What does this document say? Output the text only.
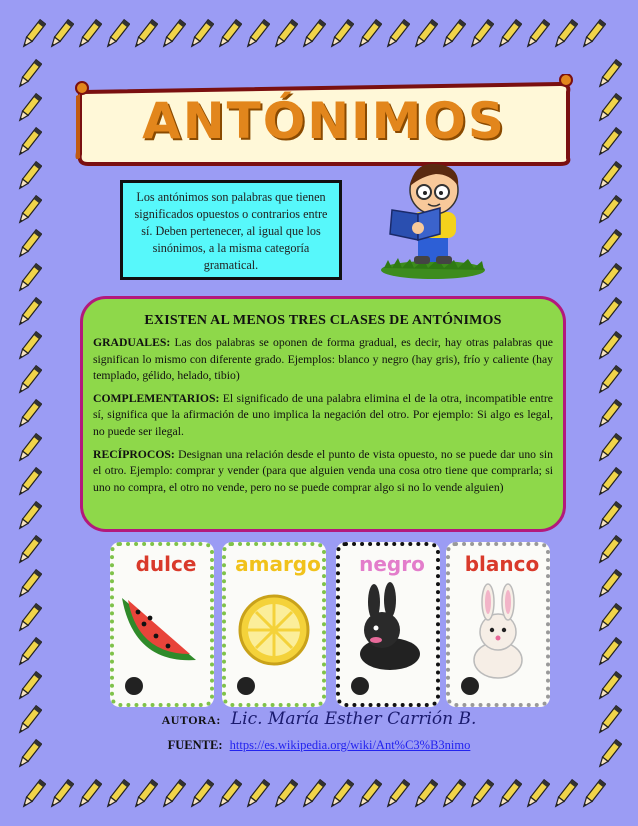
ANTÓNIMOS
Los antónimos son palabras que tienen significados opuestos o contrarios entre sí. Deben pertenecer, al igual que los sinónimos, a la misma categoría gramatical.
EXISTEN AL MENOS TRES CLASES DE ANTÓNIMOS

GRADUALES: Las dos palabras se oponen de forma gradual, es decir, hay otras palabras que significan lo mismo con diferente grado. Ejemplos: blanco y negro (hay gris), frío y caliente (hay templado, gélido, helado, tibio)

COMPLEMENTARIOS: El significado de una palabra elimina el de la otra, incompatible entre sí, significa que la afirmación de uno implica la negación del otro. Por ejemplo: Si algo es legal, no puede ser ilegal.

RECÍPROCOS: Designan una relación desde el punto de vista opuesto, no se puede dar uno sin el otro. Ejemplo: comprar y vender (para que alguien venda una cosa otro tiene que comprarla; si uno no compra, el otro no vende, pero no se puede comprar algo si no lo vende alguien)

dulce	amargo	negro	blanco
AUTORA: Lic. María Esther Carrión B.
FUENTE: https://es.wikipedia.org/wiki/Ant%C3%B3nimo
